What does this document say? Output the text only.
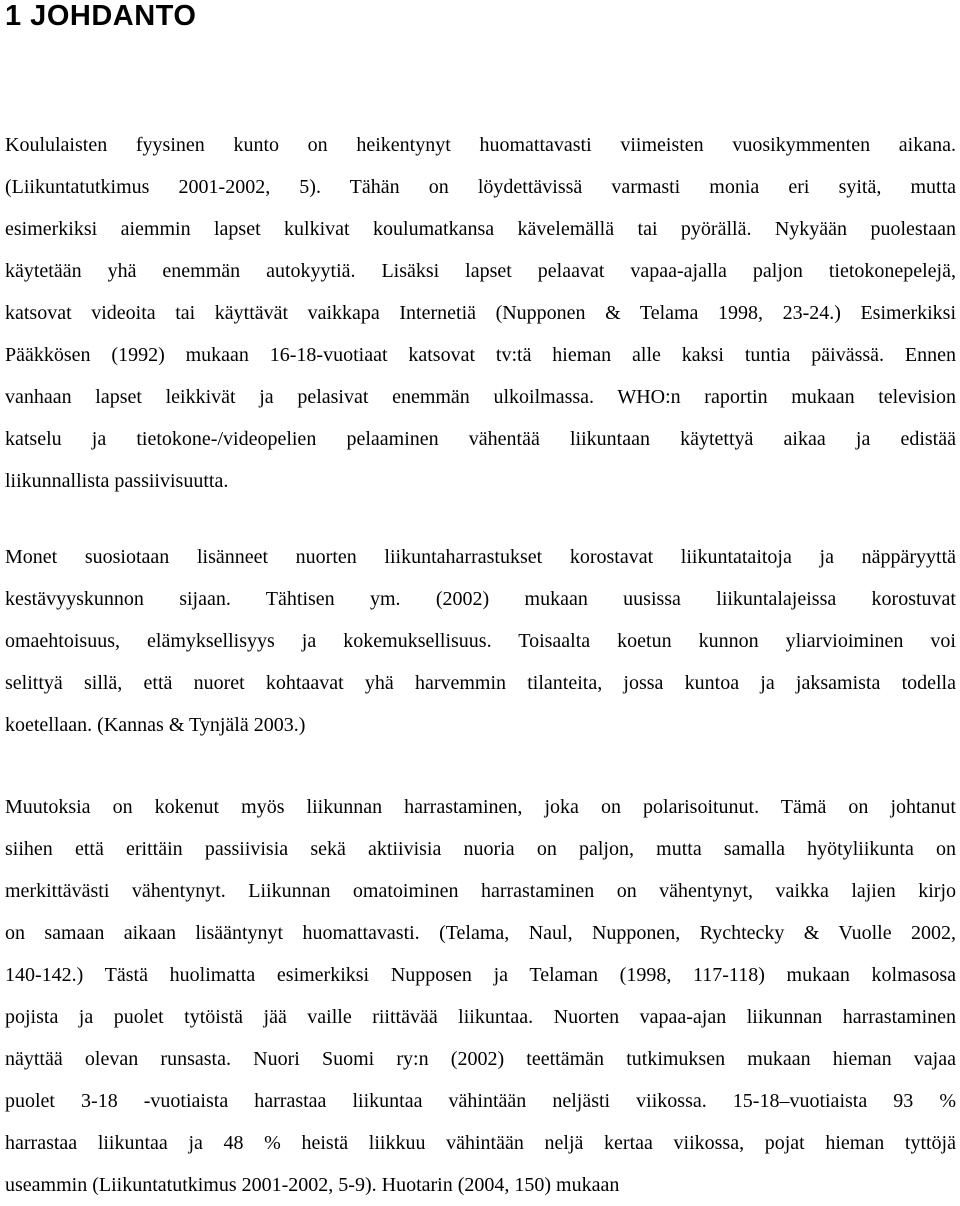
1 JOHDANTO
Koululaisten fyysinen kunto on heikentynyt huomattavasti viimeisten vuosikymmenten aikana.
(Liikuntatutkimus 2001-2002, 5). Tähän on löydettävissä varmasti monia eri syitä, mutta
esimerkiksi aiemmin lapset kulkivat koulumatkansa kävelemällä tai pyörällä. Nykyään puolestaan
käytetään yhä enemmän autokyytiä. Lisäksi lapset pelaavat vapaa-ajalla paljon tietokonepelejä,
katsovat videoita tai käyttävät vaikkapa Internetiä (Nupponen & Telama 1998, 23-24.) Esimerkiksi
Pääkkösen (1992) mukaan 16-18-vuotiaat katsovat tv:tä hieman alle kaksi tuntia päivässä. Ennen
vanhaan lapset leikkivät ja pelasivat enemmän ulkoilmassa. WHO:n raportin mukaan television
katselu ja tietokone-/videopelien pelaaminen vähentää liikuntaan käytettyä aikaa ja edistää
liikunnallista passiivisuutta.
Monet suosiotaan lisänneet nuorten liikuntaharrastukset korostavat liikuntataitoja ja näppäryyttä
kestävyyskunnon sijaan. Tähtisen ym. (2002) mukaan uusissa liikuntalajeissa korostuvat
omaehtoisuus, elämyksellisyys ja kokemuksellisuus. Toisaalta koetun kunnon yliarvioiminen voi
selittyä sillä, että nuoret kohtaavat yhä harvemmin tilanteita, jossa kuntoa ja jaksamista todella
koetellaan. (Kannas & Tynjälä 2003.)
Muutoksia on kokenut myös liikunnan harrastaminen, joka on polarisoitunut. Tämä on johtanut
siihen että erittäin passiivisia sekä aktiivisia nuoria on paljon, mutta samalla hyötyliikunta on
merkittävästi vähentynyt. Liikunnan omatoiminen harrastaminen on vähentynyt, vaikka lajien kirjo
on samaan aikaan lisääntynyt huomattavasti. (Telama, Naul, Nupponen, Rychtecky & Vuolle 2002,
140-142.) Tästä huolimatta esimerkiksi Nupposen ja Telaman (1998, 117-118) mukaan kolmasosa
pojista ja puolet tytöistä jää vaille riittävää liikuntaa. Nuorten vapaa-ajan liikunnan harrastaminen
näyttää olevan runsasta. Nuori Suomi ry:n (2002) teettämän tutkimuksen mukaan hieman vajaa
puolet 3-18 -vuotiaista harrastaa liikuntaa vähintään neljästi viikossa. 15-18–vuotiaista 93 %
harrastaa liikuntaa ja 48 % heistä liikkuu vähintään neljä kertaa viikossa, pojat hieman tyttöjä
useammin (Liikuntatutkimus 2001-2002, 5-9). Huotarin (2004, 150) mukaan
